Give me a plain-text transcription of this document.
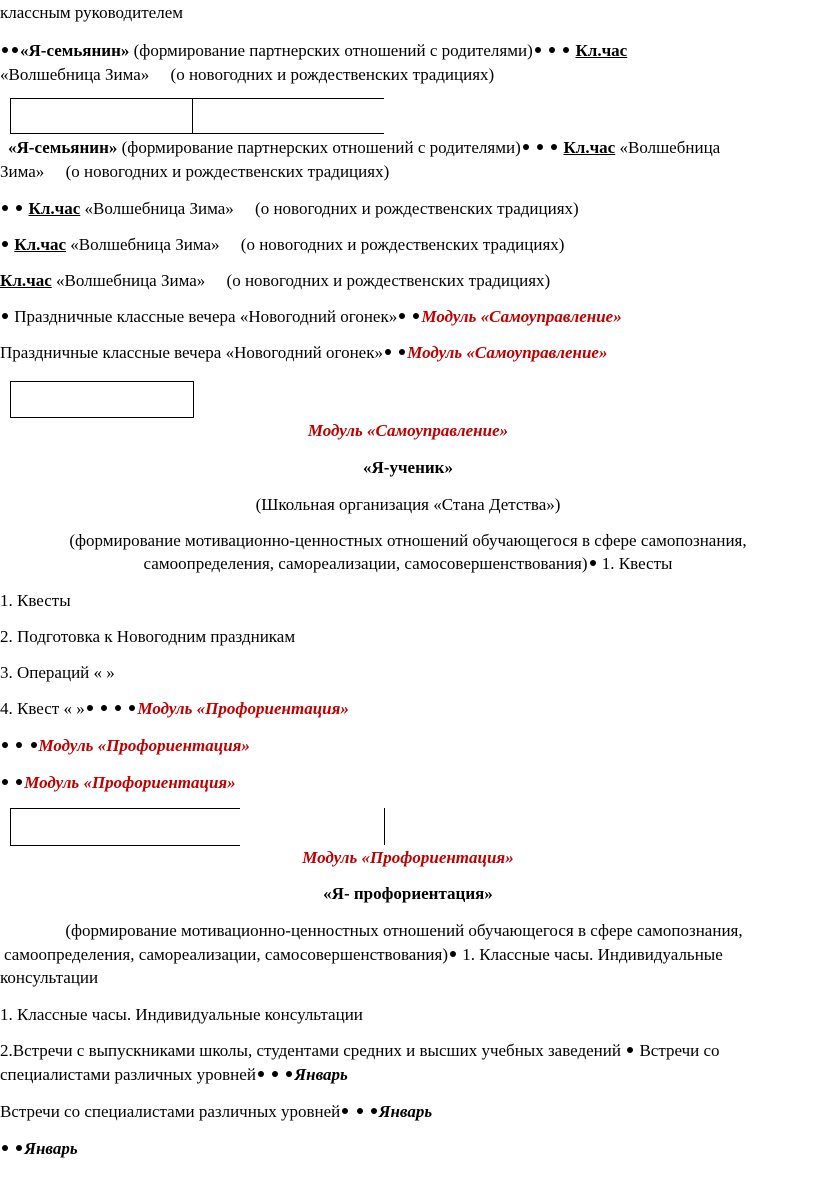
классным руководителем
«Я-семьянин» (формирование партнерских отношений с родителями)	Кл.час
«Волшебница Зима» (о новогодних и рождественских традициях)
«Я-семьянин» (формирование партнерских отношений с родителями)	Кл.час «Волшебница
Зима» (о новогодних и рождественских традициях)
Кл.час «Волшебница Зима» (о новогодних и рождественских традициях)
Кл.час «Волшебница Зима» (о новогодних и рождественских традициях)
Кл.час «Волшебница Зима» (о новогодних и рождественских традициях)
Праздничные классные вечера «Новогодний огонек» Модуль «Самоуправление»
Праздничные классные вечера «Новогодний огонек» Модуль «Самоуправление»
Модуль «Самоуправление»
«Я-ученик»
(Школьная организация «Стана Детства»)
(формирование мотивационно-ценностных отношений обучающегося в сфере самопознания,
самоопределения, самореализации, самосовершенствования) 1. Квесты
1. Квесты
2. Подготовка к Новогодним праздникам
3. Операций « »
4. Квест « »	Модуль «Профориентация»
Модуль «Профориентация»
Модуль «Профориентация»
Модуль «Профориентация»
«Я- профориентация»
(формирование мотивационно-ценностных отношений обучающегося в сфере самопознания,
самоопределения, самореализации, самосовершенствования) 1. Классные часы. Индивидуальные
консультации
1. Классные часы. Индивидуальные консультации
2.Встречи с выпускниками школы, студентами средних и высших учебных заведений  Встречи со
специалистами различных уровней Январь
Встречи со специалистами различных уровней Январь
Январь
